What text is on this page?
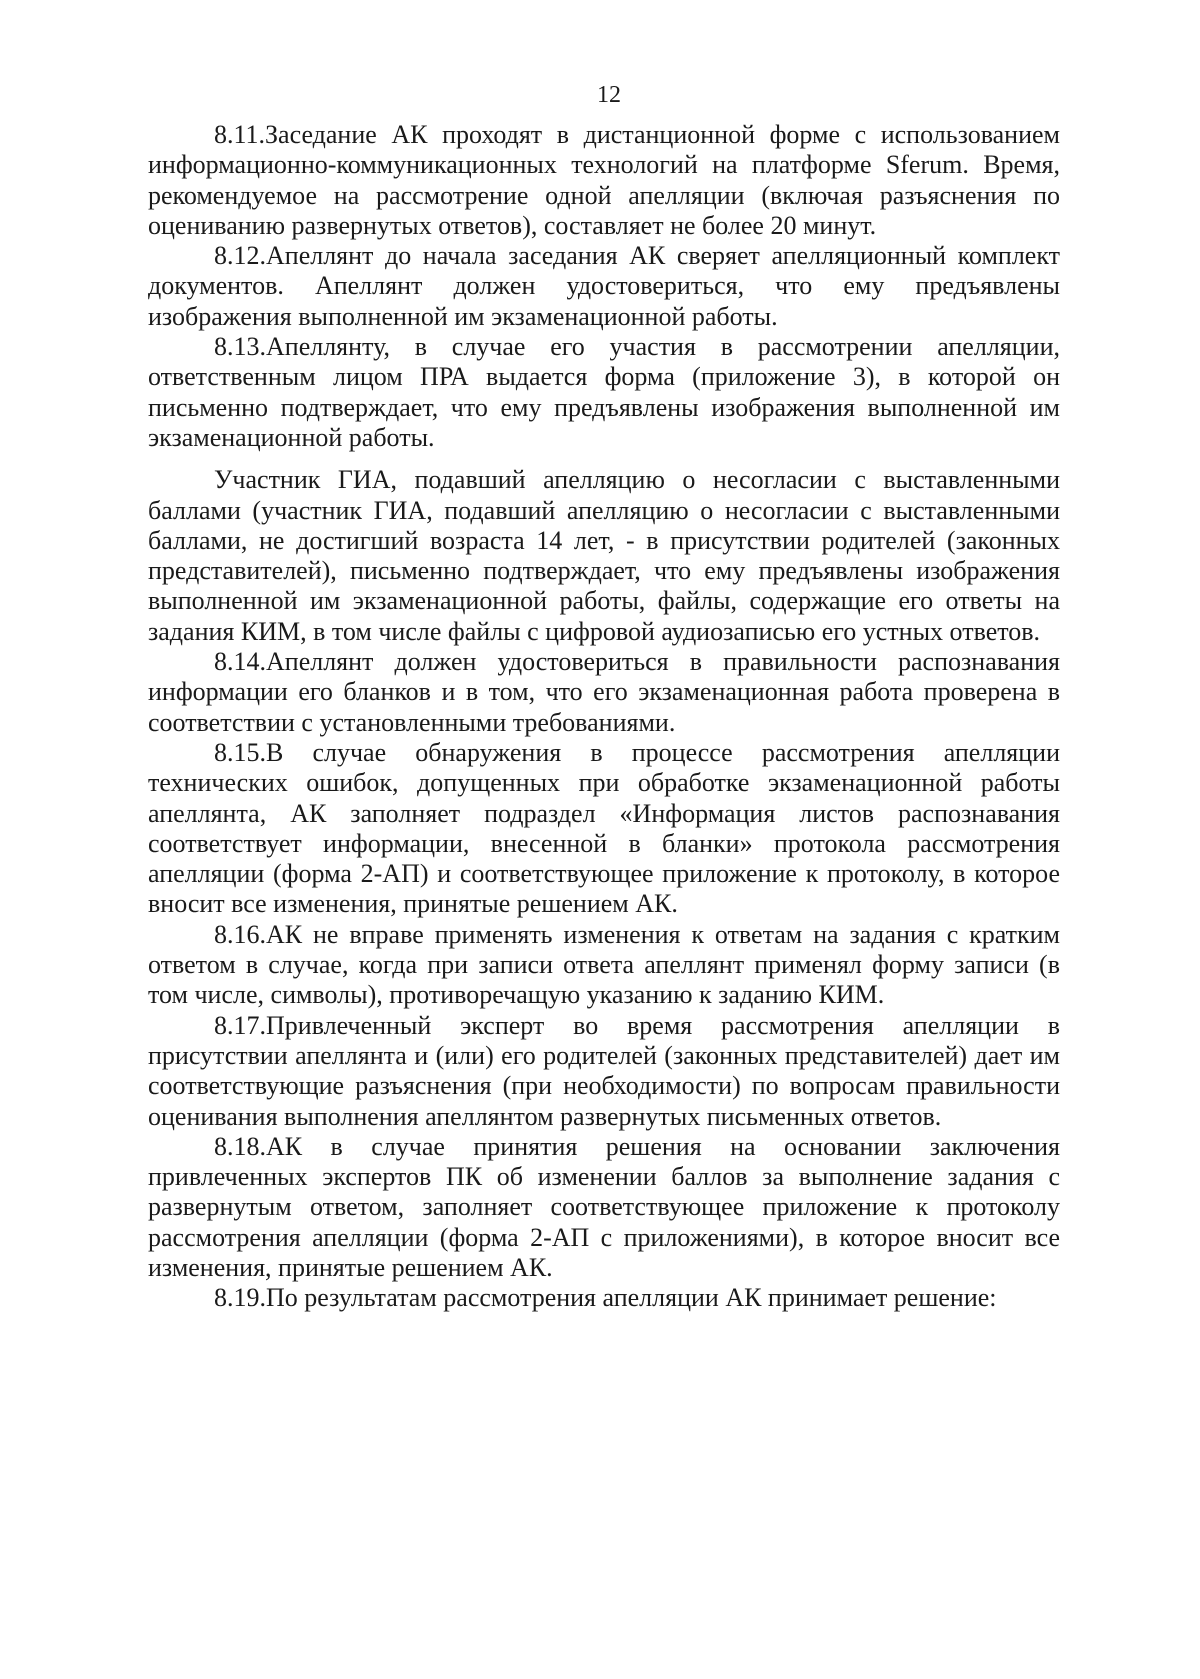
12

8.11.Заседание АК проходят в дистанционной форме с использованием информационно-коммуникационных технологий на платформе Sferum. Время, рекомендуемое на рассмотрение одной апелляции (включая разъяснения по оцениванию развернутых ответов), составляет не более 20 минут.

8.12.Апеллянт до начала заседания АК сверяет апелляционный комплект документов. Апеллянт должен удостовериться, что ему предъявлены изображения выполненной им экзаменационной работы.

8.13.Апеллянту, в случае его участия в рассмотрении апелляции, ответственным лицом ПРА выдается форма (приложение 3), в которой он письменно подтверждает, что ему предъявлены изображения выполненной им экзаменационной работы.

Участник ГИА, подавший апелляцию о несогласии с выставленными баллами (участник ГИА, подавший апелляцию о несогласии с выставленными баллами, не достигший возраста 14 лет, - в присутствии родителей (законных представителей), письменно подтверждает, что ему предъявлены изображения выполненной им экзаменационной работы, файлы, содержащие его ответы на задания КИМ, в том числе файлы с цифровой аудиозаписью его устных ответов.

8.14.Апеллянт должен удостовериться в правильности распознавания информации его бланков и в том, что его экзаменационная работа проверена в соответствии с установленными требованиями.

8.15.В случае обнаружения в процессе рассмотрения апелляции технических ошибок, допущенных при обработке экзаменационной работы апеллянта, АК заполняет подраздел «Информация листов распознавания соответствует информации, внесенной в бланки» протокола рассмотрения апелляции (форма 2-АП) и соответствующее приложение к протоколу, в которое вносит все изменения, принятые решением АК.

8.16.АК не вправе применять изменения к ответам на задания с кратким ответом в случае, когда при записи ответа апеллянт применял форму записи (в том числе, символы), противоречащую указанию к заданию КИМ.

8.17.Привлеченный эксперт во время рассмотрения апелляции в присутствии апеллянта и (или) его родителей (законных представителей) дает им соответствующие разъяснения (при необходимости) по вопросам правильности оценивания выполнения апеллянтом развернутых письменных ответов.

8.18.АК в случае принятия решения на основании заключения привлеченных экспертов ПК об изменении баллов за выполнение задания с развернутым ответом, заполняет соответствующее приложение к протоколу рассмотрения апелляции (форма 2-АП с приложениями), в которое вносит все изменения, принятые решением АК.

8.19.По результатам рассмотрения апелляции АК принимает решение:
